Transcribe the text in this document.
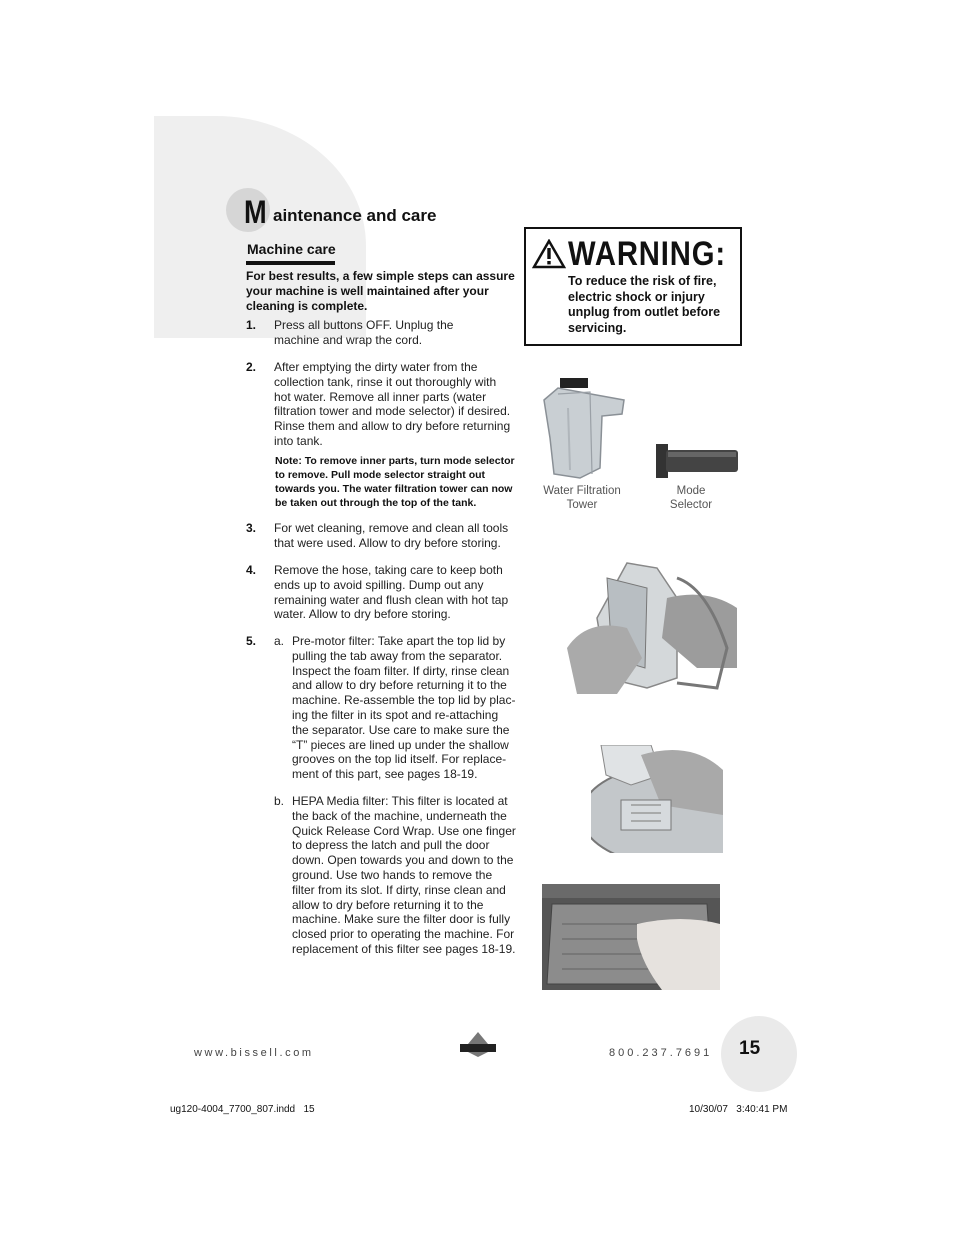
M aintenance and care
Machine care
For best results, a few simple steps can assure your machine is well maintained after your cleaning is complete.
1. Press all buttons OFF. Unplug the machine and wrap the cord.
2. After emptying the dirty water from the collection tank, rinse it out thoroughly with hot water. Remove all inner parts (water filtration tower and mode selector) if desired. Rinse them and allow to dry before returning into tank.
Note: To remove inner parts, turn mode selector to remove. Pull mode selector straight out towards you. The water filtration tower can now be taken out through the top of the tank.
3. For wet cleaning, remove and clean all tools that were used. Allow to dry before storing.
4. Remove the hose, taking care to keep both ends up to avoid spilling. Dump out any remaining water and flush clean with hot tap water. Allow to dry before storing.
5. a. Pre-motor filter: Take apart the top lid by pulling the tab away from the separator. Inspect the foam filter. If dirty, rinse clean and allow to dry before returning it to the machine. Re-assemble the top lid by plac-ing the filter in its spot and re-attaching the separator. Use care to make sure the “T” pieces are lined up under the shallow grooves on the top lid itself. For replace-ment of this part, see pages 18-19.
b. HEPA Media filter: This filter is located at the back of the machine, underneath the Quick Release Cord Wrap. Use one finger to depress the latch and pull the door down. Open towards you and down to the ground. Use two hands to remove the filter from its slot. If dirty, rinse clean and allow to dry before returning it to the machine. Make sure the filter door is fully closed prior to operating the machine. For replacement of this filter see pages 18-19.
WARNING:
To reduce the risk of fire, electric shock or injury unplug from outlet before servicing.
Water Filtration Tower
Mode Selector
www.bissell.com	800.237.7691 15
ug120-4004_7700_807.indd   15	10/30/07   3:40:41 PM
